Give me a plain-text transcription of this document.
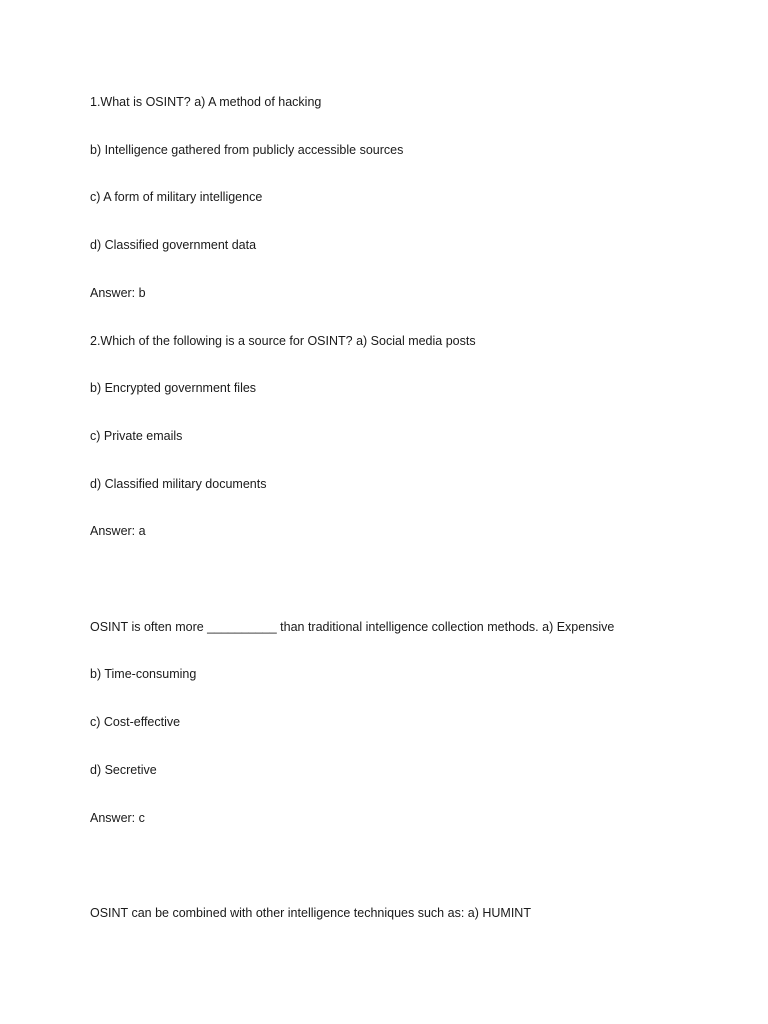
1.What is OSINT? a) A method of hacking
b) Intelligence gathered from publicly accessible sources
c) A form of military intelligence
d) Classified government data
Answer: b
2.Which of the following is a source for OSINT? a) Social media posts
b) Encrypted government files
c) Private emails
d) Classified military documents
Answer: a
OSINT is often more __________ than traditional intelligence collection methods. a) Expensive
b) Time-consuming
c) Cost-effective
d) Secretive
Answer: c
OSINT can be combined with other intelligence techniques such as: a) HUMINT
